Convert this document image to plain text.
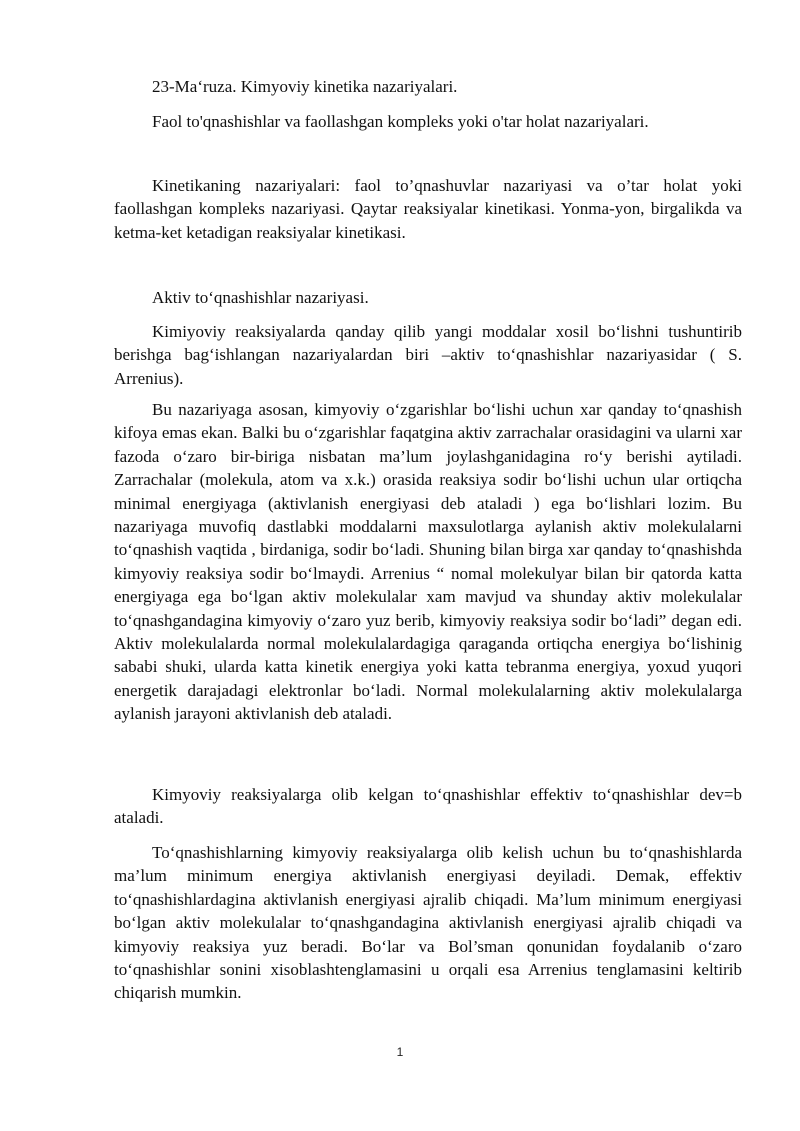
23-Ma‘ruza. Kimyoviy kinetika nazariyalari.

Faol to'qnashishlar va faollashgan kompleks yoki o'tar holat nazariyalari.

Kinetikaning nazariyalari: faol to’qnashuvlar nazariyasi va o’tar holat yoki faollashgan kompleks nazariyasi. Qaytar reaksiyalar kinetikasi. Yonma-yon, birgalikda va ketma-ket ketadigan reaksiyalar kinetikasi.

Aktiv to‘qnashishlar nazariyasi.

Kimiyoviy reaksiyalarda qanday qilib yangi moddalar xosil bo‘lishni tushuntirib berishga bag‘ishlangan nazariyalardan biri –aktiv to‘qnashishlar nazariyasidar ( S. Arrenius).

Bu nazariyaga asosan, kimyoviy o‘zgarishlar bo‘lishi uchun xar qanday to‘qnashish kifoya emas ekan. Balki bu o‘zgarishlar faqatgina aktiv zarrachalar orasidagini va ularni xar fazoda o‘zaro bir-biriga nisbatan ma’lum joylashganidagina ro‘y berishi aytiladi. Zarrachalar (molekula, atom va x.k.) orasida reaksiya sodir bo‘lishi uchun ular ortiqcha minimal energiyaga (aktivlanish energiyasi deb ataladi ) ega bo‘lishlari lozim. Bu nazariyaga muvofiq dastlabki moddalarni maxsulotlarga aylanish aktiv molekulalarni to‘qnashish vaqtida , birdaniga, sodir bo‘ladi. Shuning bilan birga xar qanday to‘qnashishda kimyoviy reaksiya sodir bo‘lmaydi. Arrenius “ nomal molekulyar bilan bir qatorda katta energiyaga ega bo‘lgan aktiv molekulalar xam mavjud va shunday aktiv molekulalar to‘qnashgandagina kimyoviy o‘zaro yuz berib, kimyoviy reaksiya sodir bo‘ladi” degan edi. Aktiv molekulalarda normal molekulalardagiga qaraganda ortiqcha energiya bo‘lishinig sababi shuki, ularda katta kinetik energiya yoki katta tebranma energiya, yoxud yuqori energetik darajadagi elektronlar bo‘ladi. Normal molekulalarning aktiv molekulalarga aylanish jarayoni aktivlanish deb ataladi.

Kimyoviy reaksiyalarga olib kelgan to‘qnashishlar effektiv to‘qnashishlar dev=b ataladi.

To‘qnashishlarning kimyoviy reaksiyalarga olib kelish uchun bu to‘qnashishlarda ma’lum minimum energiya aktivlanish energiyasi deyiladi. Demak, effektiv to‘qnashishlardagina aktivlanish energiyasi ajralib chiqadi. Ma’lum minimum energiyasi bo‘lgan aktiv molekulalar to‘qnashgandagina aktivlanish energiyasi ajralib chiqadi va kimyoviy reaksiya yuz beradi. Bo‘lar va Bol’sman qonunidan foydalanib o‘zaro to‘qnashishlar sonini xisoblashtenglamasini u orqali esa Arrenius tenglamasini keltirib chiqarish mumkin.

1
